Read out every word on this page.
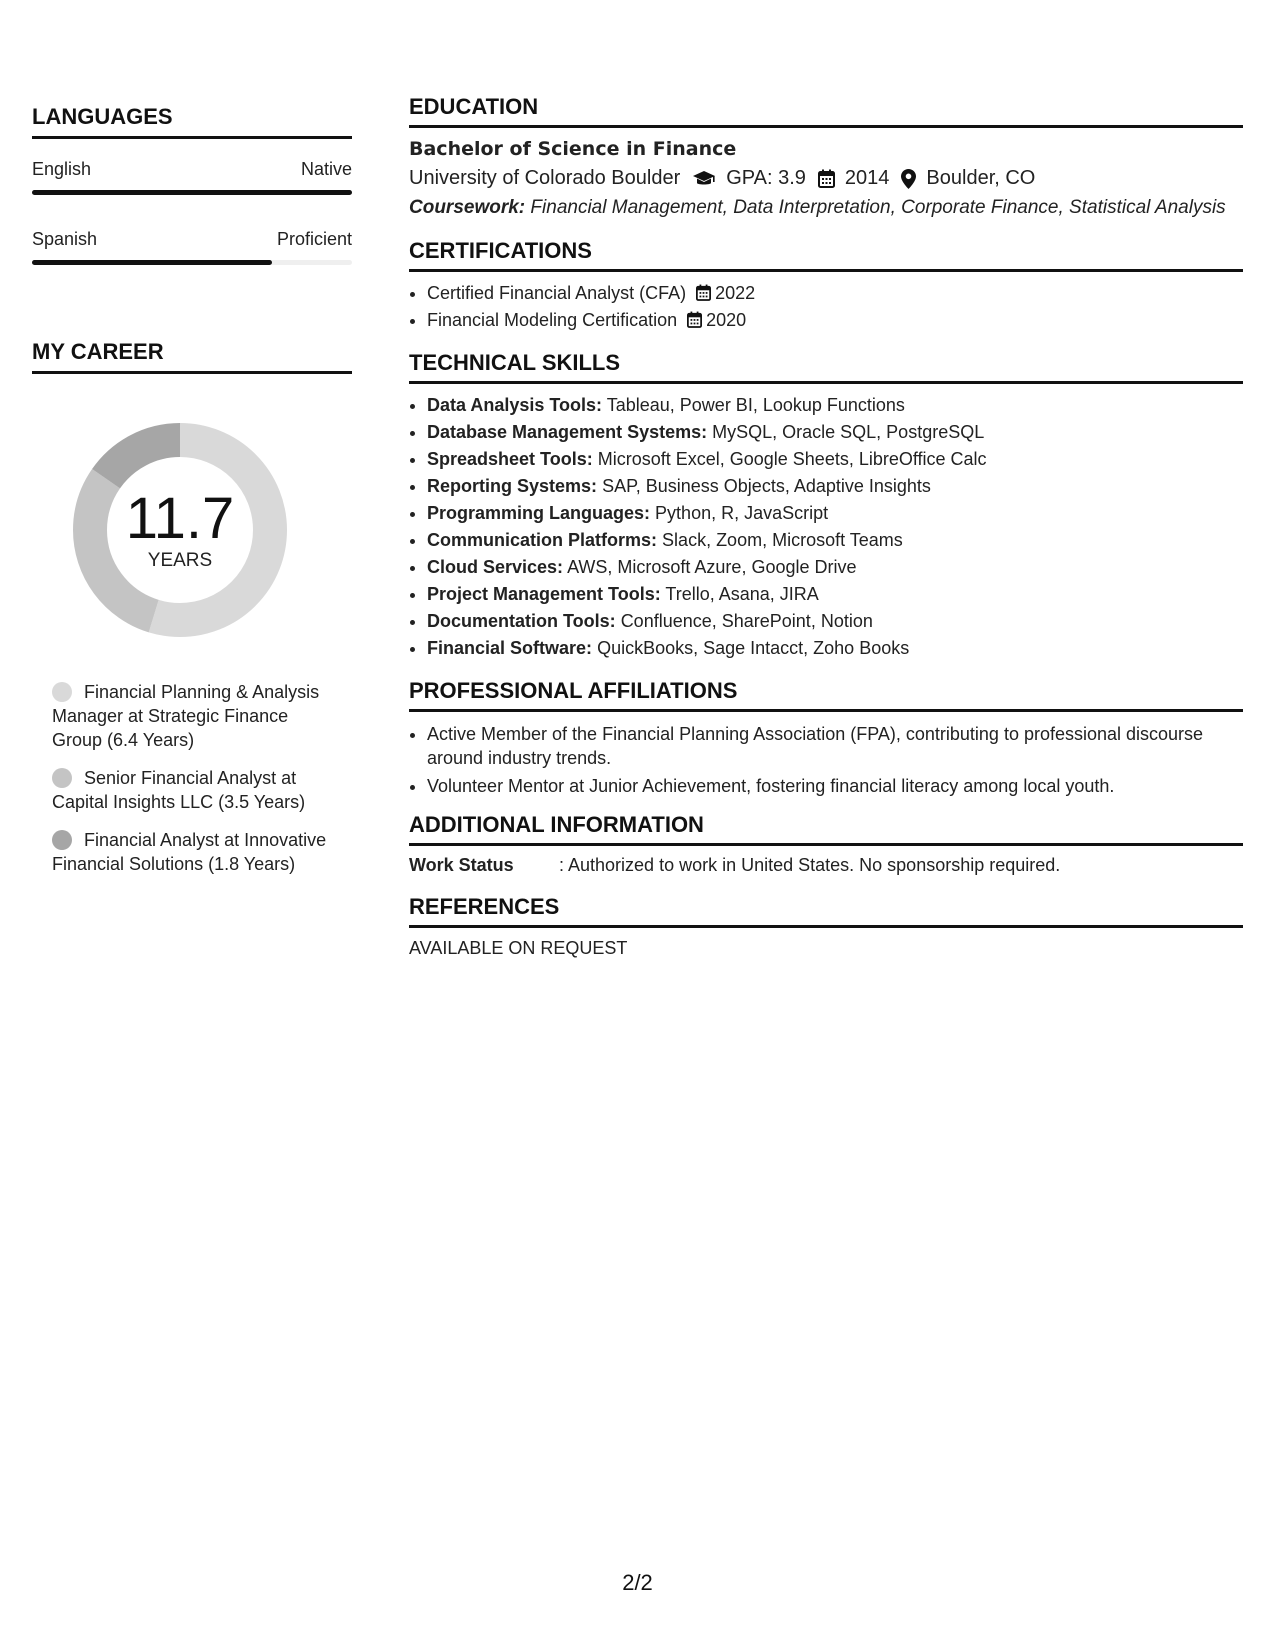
LANGUAGES
English	Native
Spanish	Proficient
MY CAREER
11.7
YEARS
Financial Planning & Analysis Manager at Strategic Finance Group (6.4 Years)
Senior Financial Analyst at Capital Insights LLC (3.5 Years)
Financial Analyst at Innovative Financial Solutions (1.8 Years)
EDUCATION
Bachelor of Science in Finance
University of Colorado Boulder GPA: 3.9 2014 Boulder, CO
Coursework: Financial Management, Data Interpretation, Corporate Finance, Statistical Analysis
CERTIFICATIONS
• Certified Financial Analyst (CFA) 2022
• Financial Modeling Certification 2020
TECHNICAL SKILLS
• Data Analysis Tools: Tableau, Power BI, Lookup Functions
• Database Management Systems: MySQL, Oracle SQL, PostgreSQL
• Spreadsheet Tools: Microsoft Excel, Google Sheets, LibreOffice Calc
• Reporting Systems: SAP, Business Objects, Adaptive Insights
• Programming Languages: Python, R, JavaScript
• Communication Platforms: Slack, Zoom, Microsoft Teams
• Cloud Services: AWS, Microsoft Azure, Google Drive
• Project Management Tools: Trello, Asana, JIRA
• Documentation Tools: Confluence, SharePoint, Notion
• Financial Software: QuickBooks, Sage Intacct, Zoho Books
PROFESSIONAL AFFILIATIONS
• Active Member of the Financial Planning Association (FPA), contributing to professional discourse around industry trends.
• Volunteer Mentor at Junior Achievement, fostering financial literacy among local youth.
ADDITIONAL INFORMATION
Work Status	: Authorized to work in United States. No sponsorship required.
REFERENCES
AVAILABLE ON REQUEST
2/2
